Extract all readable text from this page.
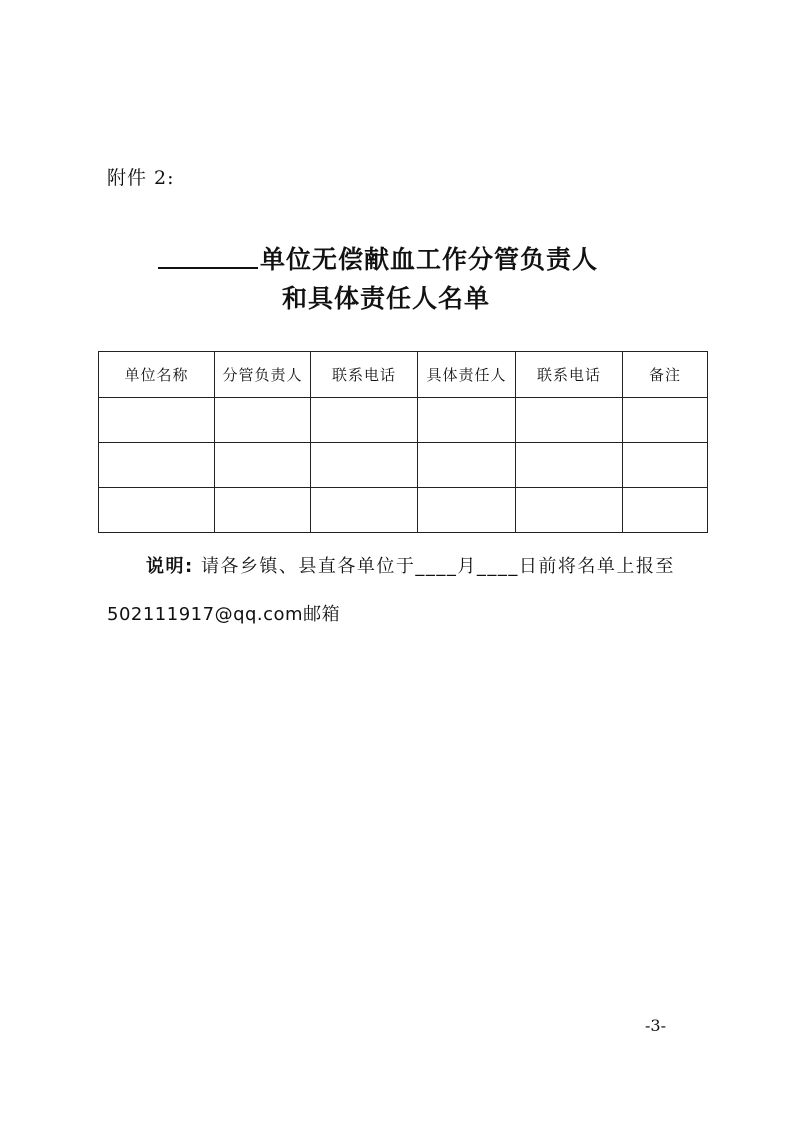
附件 2:
单位无偿献血工作分管负责人
和具体责任人名单
单位名称	分管负责人	联系电话	具体责任人	联系电话	备注

说明: 请各乡镇、县直各单位于____月____日前将名单上报至
502111917@qq.com邮箱
-3-
